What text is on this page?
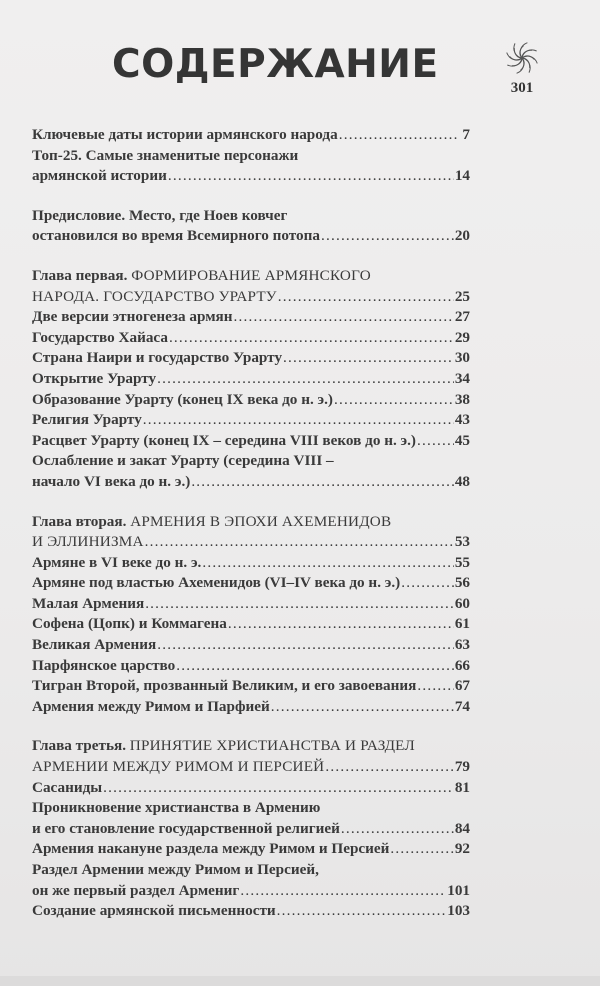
СОДЕРЖАНИЕ
301
Ключевые даты истории армянского народа .....	7
Топ-25. Самые знаменитые персонажи
армянской истории .....	14
Предисловие. Место, где Ноев ковчег
остановился во время Всемирного потопа .....	20
Глава первая. ФОРМИРОВАНИЕ АРМЯНСКОГО
НАРОДА. ГОСУДАРСТВО УРАРТУ .....	25
Две версии этногенеза армян .....	27
Государство Хайаса .....	29
Страна Наири и государство Урарту .....	30
Открытие Урарту .....	34
Образование Урарту (конец IX века до н. э.) .....	38
Религия Урарту .....	43
Расцвет Урарту (конец IX – середина VIII веков до н. э.) .....	45
Ослабление и закат Урарту (середина VIII –
начало VI века до н. э.) .....	48
Глава вторая. АРМЕНИЯ В ЭПОХИ АХЕМЕНИДОВ
И ЭЛЛИНИЗМА .....	53
Армяне в VI веке до н. э. .....	55
Армяне под властью Ахеменидов (VI–IV века до н. э.) .....	56
Малая Армения .....	60
Софена (Цопк) и Коммагена .....	61
Великая Армения .....	63
Парфянское царство .....	66
Тигран Второй, прозванный Великим, и его завоевания .....	67
Армения между Римом и Парфией .....	74
Глава третья. ПРИНЯТИЕ ХРИСТИАНСТВА И РАЗДЕЛ
АРМЕНИИ МЕЖДУ РИМОМ И ПЕРСИЕЙ .....	79
Сасаниды .....	81
Проникновение христианства в Армению
и его становление государственной религией .....	84
Армения накануне раздела между Римом и Персией .....	92
Раздел Армении между Римом и Персией,
он же первый раздел Армениг .....	101
Создание армянской письменности .....	103
